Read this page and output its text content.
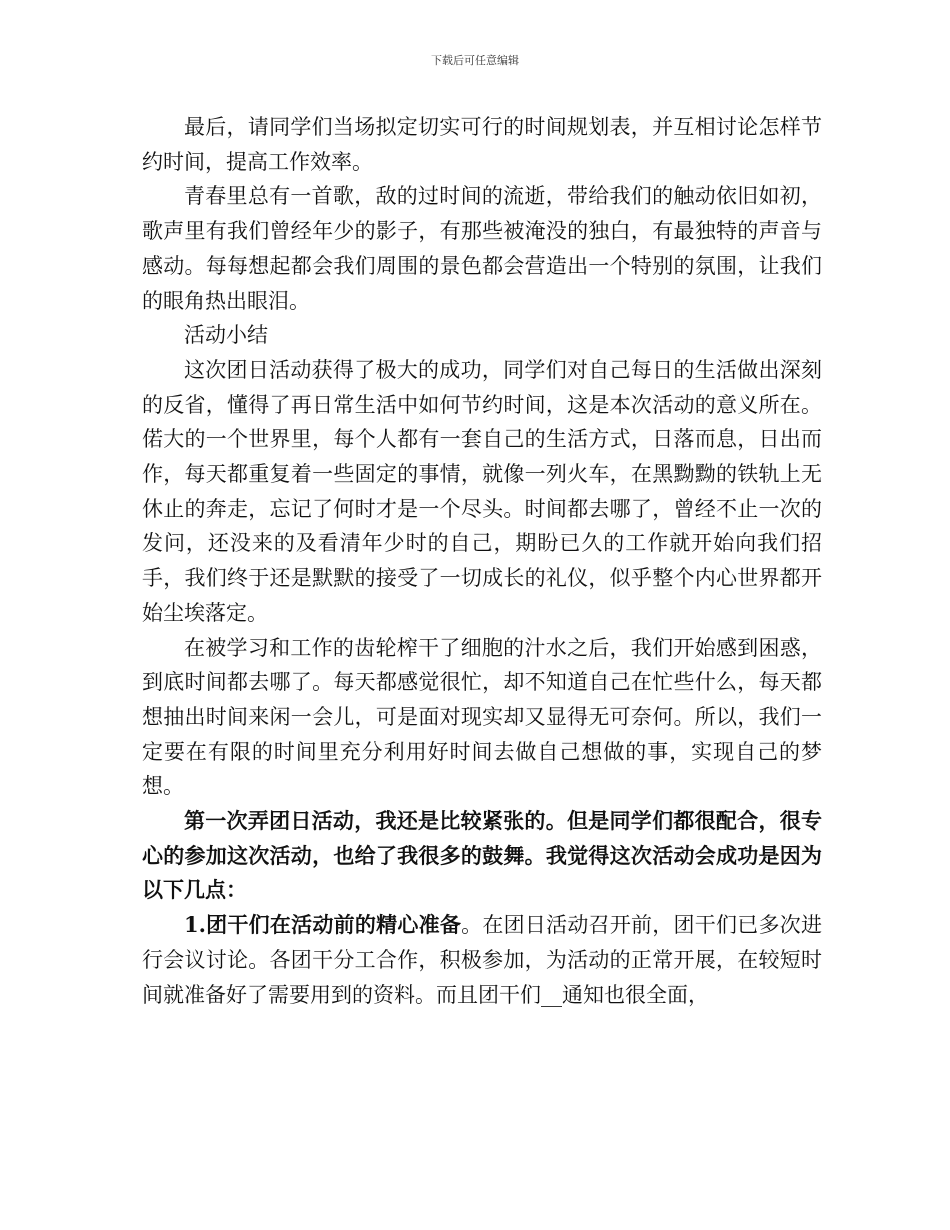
下载后可任意编辑

最后，请同学们当场拟定切实可行的时间规划表，并互相讨论怎样节约时间，提高工作效率。

青春里总有一首歌，敌的过时间的流逝，带给我们的触动依旧如初，歌声里有我们曾经年少的影子，有那些被淹没的独白，有最独特的声音与感动。每每想起都会我们周围的景色都会营造出一个特别的氛围，让我们的眼角热出眼泪。

活动小结

这次团日活动获得了极大的成功，同学们对自己每日的生活做出深刻的反省，懂得了再日常生活中如何节约时间，这是本次活动的意义所在。偌大的一个世界里，每个人都有一套自己的生活方式，日落而息，日出而作，每天都重复着一些固定的事情，就像一列火车，在黑黝黝的铁轨上无休止的奔走，忘记了何时才是一个尽头。时间都去哪了，曾经不止一次的发问，还没来的及看清年少时的自己，期盼已久的工作就开始向我们招手，我们终于还是默默的接受了一切成长的礼仪，似乎整个内心世界都开始尘埃落定。

在被学习和工作的齿轮榨干了细胞的汁水之后，我们开始感到困惑，到底时间都去哪了。每天都感觉很忙，却不知道自己在忙些什么，每天都想抽出时间来闲一会儿，可是面对现实却又显得无可奈何。所以，我们一定要在有限的时间里充分利用好时间去做自己想做的事，实现自己的梦想。

第一次弄团日活动，我还是比较紧张的。但是同学们都很配合，很专心的参加这次活动，也给了我很多的鼓舞。我觉得这次活动会成功是因为以下几点：

1.团干们在活动前的精心准备。在团日活动召开前，团干们已多次进行会议讨论。各团干分工合作，积极参加，为活动的正常开展，在较短时间就准备好了需要用到的资料。而且团干们__通知也很全面，
